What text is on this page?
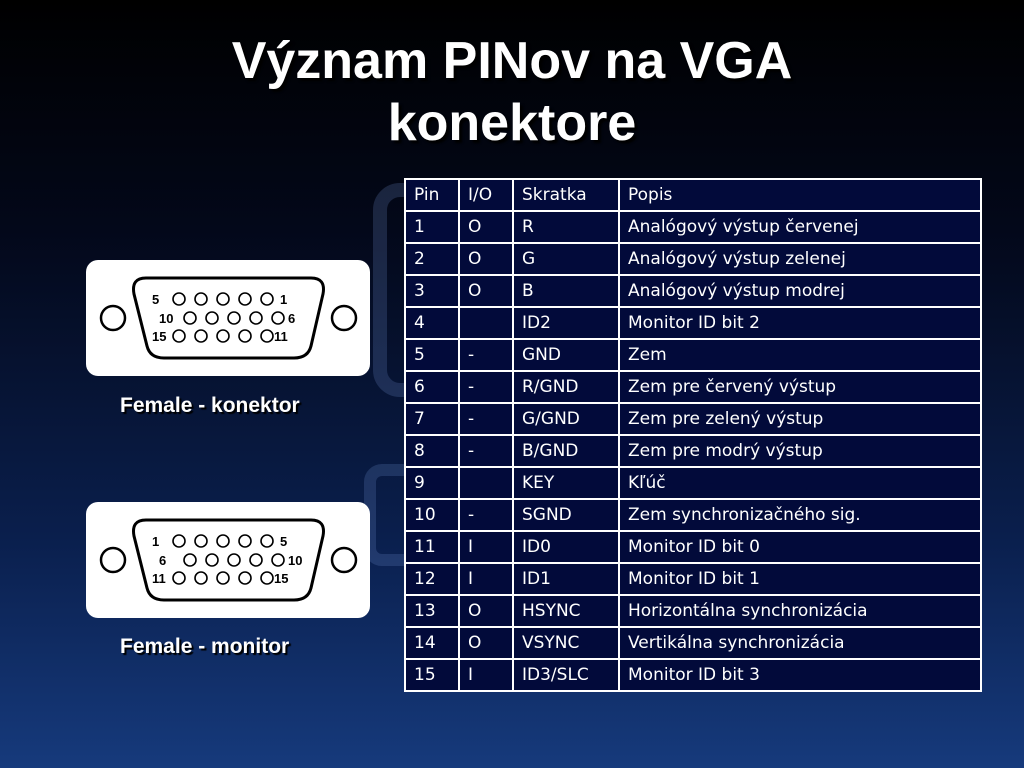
Význam PINov na VGA
konektore
5	1
10	6
15	11
Female - konektor
1	5
6	10
11	15
Female - monitor
Pin	I/O	Skratka	Popis
1	O	R	Analógový výstup červenej
2	O	G	Analógový výstup zelenej
3	O	B	Analógový výstup modrej
4		ID2	Monitor ID bit 2
5	-	GND	Zem
6	-	R/GND	Zem pre červený výstup
7	-	G/GND	Zem pre zelený výstup
8	-	B/GND	Zem pre modrý výstup
9		KEY	Kľúč
10	-	SGND	Zem synchronizačného sig.
11	I	ID0	Monitor ID bit 0
12	I	ID1	Monitor ID bit 1
13	O	HSYNC	Horizontálna synchronizácia
14	O	VSYNC	Vertikálna synchronizácia
15	I	ID3/SLC	Monitor ID bit 3
